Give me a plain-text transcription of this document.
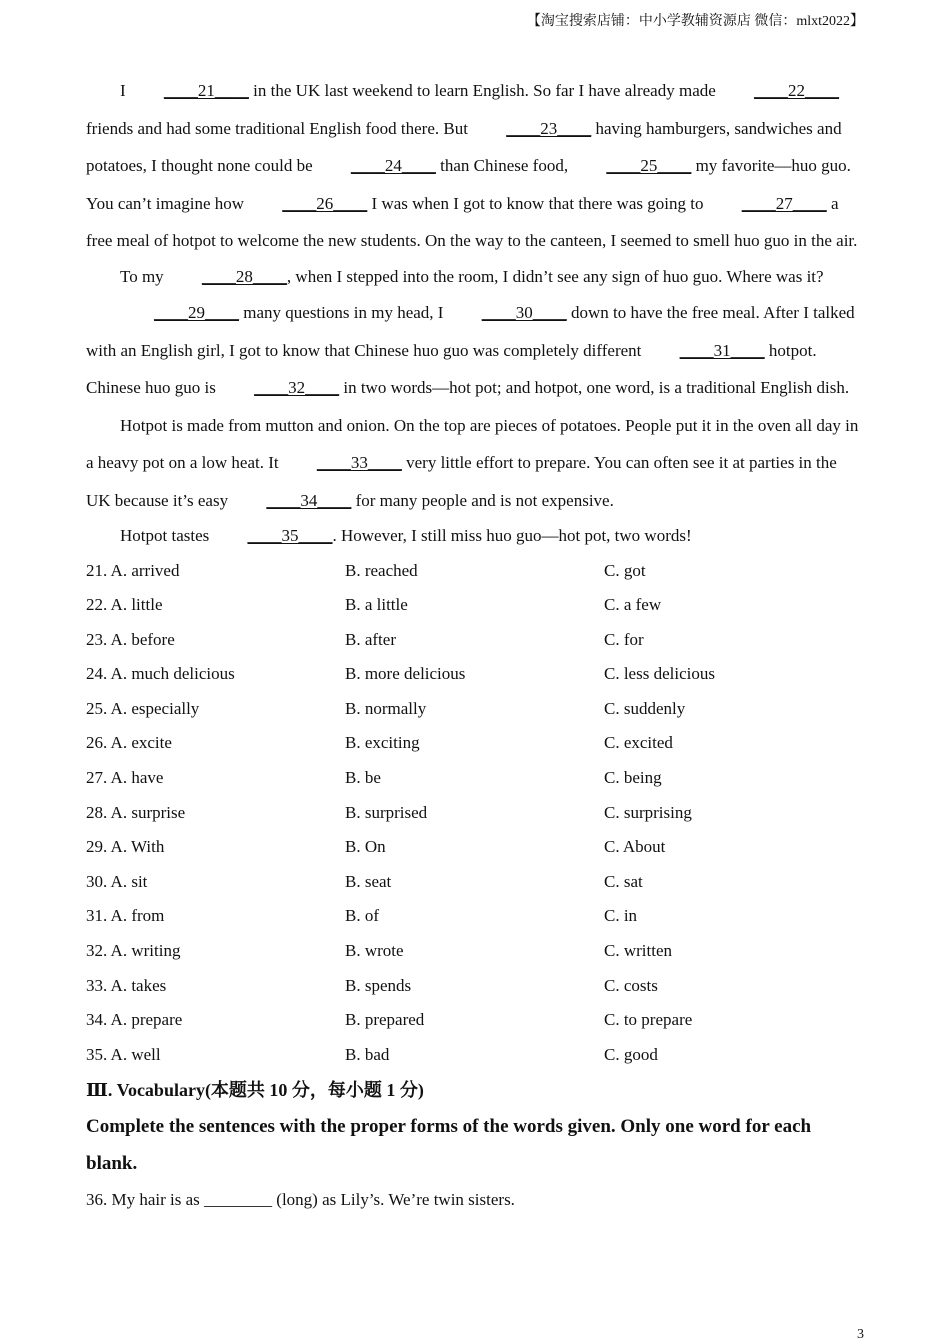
【淘宝搜索店铺：中小学教辅资源店 微信：mlxt2022】

I ____21____ in the UK last weekend to learn English. So far I have already made ____22____ friends and had some traditional English food there. But ____23____ having hamburgers, sandwiches and potatoes, I thought none could be ____24____ than Chinese food, ____25____ my favorite—huo guo. You can’t imagine how ____26____ I was when I got to know that there was going to ____27____ a free meal of hotpot to welcome the new students. On the way to the canteen, I seemed to smell huo guo in the air.

To my ____28____, when I stepped into the room, I didn’t see any sign of huo guo. Where was it?

____29____ many questions in my head, I ____30____ down to have the free meal. After I talked with an English girl, I got to know that Chinese huo guo was completely different ____31____ hotpot. Chinese huo guo is ____32____ in two words—hot pot; and hotpot, one word, is a traditional English dish.

Hotpot is made from mutton and onion. On the top are pieces of potatoes. People put it in the oven all day in a heavy pot on a low heat. It ____33____ very little effort to prepare. You can often see it at parties in the UK because it’s easy ____34____ for many people and is not expensive.

Hotpot tastes ____35____. However, I still miss huo guo—hot pot, two words!

21. A. arrived	B. reached	C. got
22. A. little	B. a little	C. a few
23. A. before	B. after	C. for
24. A. much delicious	B. more delicious	C. less delicious
25. A. especially	B. normally	C. suddenly
26. A. excite	B. exciting	C. excited
27. A. have	B. be	C. being
28. A. surprise	B. surprised	C. surprising
29. A. With	B. On	C. About
30. A. sit	B. seat	C. sat
31. A. from	B. of	C. in
32. A. writing	B. wrote	C. written
33. A. takes	B. spends	C. costs
34. A. prepare	B. prepared	C. to prepare
35. A. well	B. bad	C. good

Ⅲ. Vocabulary(本题共 10 分，每小题 1 分)

Complete the sentences with the proper forms of the words given. Only one word for each blank.

36. My hair is as ________ (long) as Lily’s. We’re twin sisters.

3
